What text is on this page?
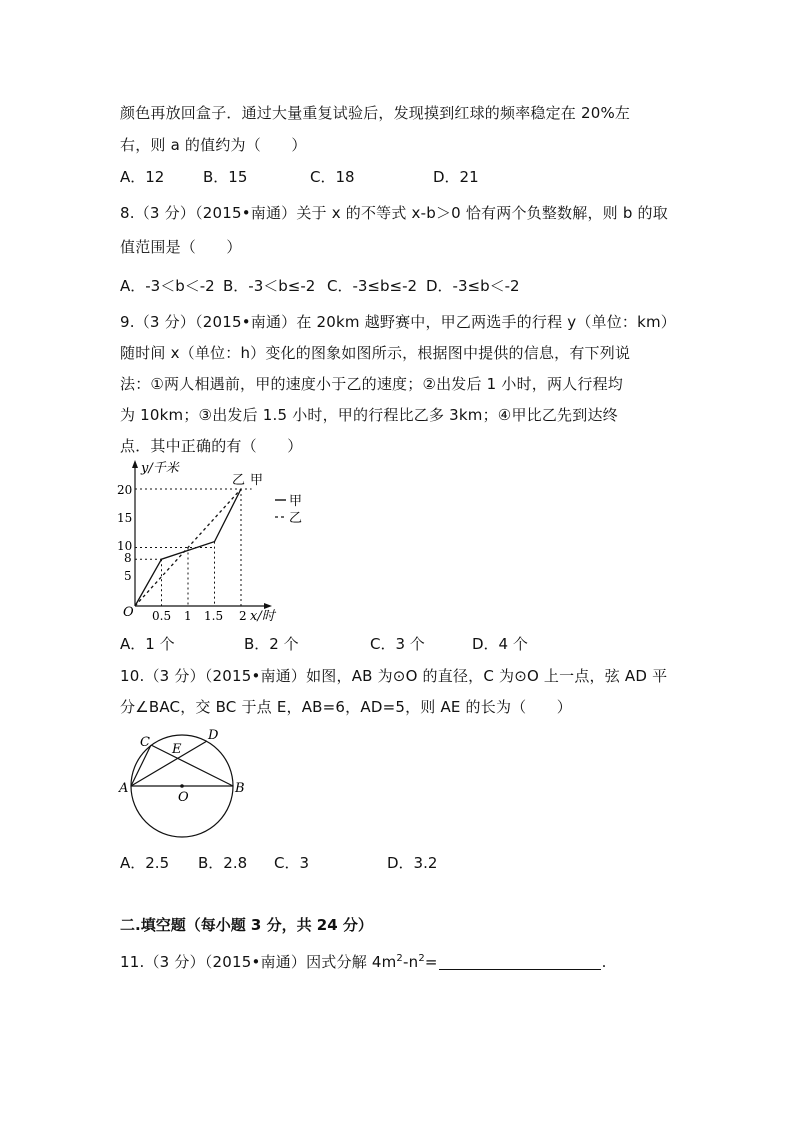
颜色再放回盒子．通过大量重复试验后，发现摸到红球的频率稳定在 20%左
右，则 a 的值约为（　　）
A．12	B．15	C．18	D．21
8.（3 分）（2015•南通）关于 x 的不等式 x-b＞0 恰有两个负整数解，则 b 的取
值范围是（　　）
A．-3＜b＜-2 B．-3＜b≤-2 C．-3≤b≤-2 D．-3≤b＜-2
9.（3 分）（2015•南通）在 20km 越野赛中，甲乙两选手的行程 y（单位：km）
随时间 x（单位：h）变化的图象如图所示，根据图中提供的信息，有下列说
法：①两人相遇前，甲的速度小于乙的速度；②出发后 1 小时，两人行程均
为 10km；③出发后 1.5 小时，甲的行程比乙多 3km；④甲比乙先到达终
点．其中正确的有（　　）
y/千米
x/时
O
20
15
10
8
5
0.5 1 1.5 2
乙 甲
甲
乙
A．1 个	B．2 个	C．3 个	D．4 个
10.（3 分）（2015•南通）如图，AB 为⊙O 的直径，C 为⊙O 上一点，弦 AD 平
分∠BAC，交 BC 于点 E，AB=6，AD=5，则 AE 的长为（　　）
A	B
C	D
E
O
A．2.5 B．2.8 C．3	D．3.2
二.填空题（每小题 3 分，共 24 分）
11.（3 分）（2015•南通）因式分解 $4m^2-n^2=$	.
